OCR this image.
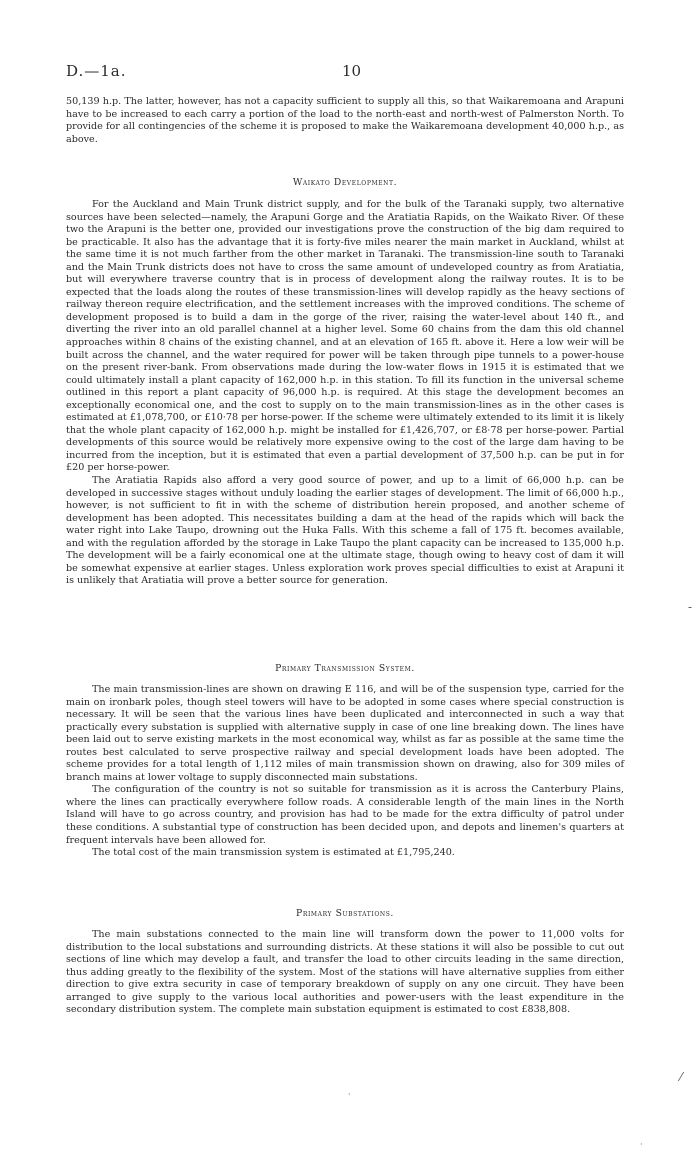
D.—1a.	10

50,139 h.p. The latter, however, has not a capacity sufficient to supply all this, so that Waikaremoana and Arapuni have to be increased to each carry a portion of the load to the north-east and north-west of Palmerston North. To provide for all contingencies of the scheme it is proposed to make the Waikaremoana development 40,000 h.p., as above.

Waikato Development.

For the Auckland and Main Trunk district supply, and for the bulk of the Taranaki supply, two alternative sources have been selected—namely, the Arapuni Gorge and the Aratiatia Rapids, on the Waikato River. Of these two the Arapuni is the better one, provided our investigations prove the construction of the big dam required to be practicable. It also has the advantage that it is forty-five miles nearer the main market in Auckland, whilst at the same time it is not much farther from the other market in Taranaki. The transmission-line south to Taranaki and the Main Trunk districts does not have to cross the same amount of undeveloped country as from Aratiatia, but will everywhere traverse country that is in process of development along the railway routes. It is to be expected that the loads along the routes of these transmission-lines will develop rapidly as the heavy sections of railway thereon require electrification, and the settlement increases with the improved conditions. The scheme of development proposed is to build a dam in the gorge of the river, raising the water-level about 140 ft., and diverting the river into an old parallel channel at a higher level. Some 60 chains from the dam this old channel approaches within 8 chains of the existing channel, and at an elevation of 165 ft. above it. Here a low weir will be built across the channel, and the water required for power will be taken through pipe tunnels to a power-house on the present river-bank. From observations made during the low-water flows in 1915 it is estimated that we could ultimately install a plant capacity of 162,000 h.p. in this station. To fill its function in the universal scheme outlined in this report a plant capacity of 96,000 h.p. is required. At this stage the development becomes an exceptionally economical one, and the cost to supply on to the main transmission-lines as in the other cases is estimated at £1,078,700, or £10·78 per horse-power. If the scheme were ultimately extended to its limit it is likely that the whole plant capacity of 162,000 h.p. might be installed for £1,426,707, or £8·78 per horse-power. Partial developments of this source would be relatively more expensive owing to the cost of the large dam having to be incurred from the inception, but it is estimated that even a partial development of 37,500 h.p. can be put in for £20 per horse-power.

The Aratiatia Rapids also afford a very good source of power, and up to a limit of 66,000 h.p. can be developed in successive stages without unduly loading the earlier stages of development. The limit of 66,000 h.p., however, is not sufficient to fit in with the scheme of distribution herein proposed, and another scheme of development has been adopted. This necessitates building a dam at the head of the rapids which will back the water right into Lake Taupo, drowning out the Huka Falls. With this scheme a fall of 175 ft. becomes available, and with the regulation afforded by the storage in Lake Taupo the plant capacity can be increased to 135,000 h.p. The development will be a fairly economical one at the ultimate stage, though owing to heavy cost of dam it will be somewhat expensive at earlier stages. Unless exploration work proves special difficulties to exist at Arapuni it is unlikely that Aratiatia will prove a better source for generation.

Primary Transmission System.

The main transmission-lines are shown on drawing E 116, and will be of the suspension type, carried for the main on ironbark poles, though steel towers will have to be adopted in some cases where special construction is necessary. It will be seen that the various lines have been duplicated and interconnected in such a way that practically every substation is supplied with alternative supply in case of one line breaking down. The lines have been laid out to serve existing markets in the most economical way, whilst as far as possible at the same time the routes best calculated to serve prospective railway and special development loads have been adopted. The scheme provides for a total length of 1,112 miles of main transmission shown on drawing, also for 309 miles of branch mains at lower voltage to supply disconnected main substations.

The configuration of the country is not so suitable for transmission as it is across the Canterbury Plains, where the lines can practically everywhere follow roads. A considerable length of the main lines in the North Island will have to go across country, and provision has had to be made for the extra difficulty of patrol under these conditions. A substantial type of construction has been decided upon, and depots and linemen's quarters at frequent intervals have been allowed for.

The total cost of the main transmission system is estimated at £1,795,240.

Primary Substations.

The main substations connected to the main line will transform down the power to 11,000 volts for distribution to the local substations and surrounding districts. At these stations it will also be possible to cut out sections of line which may develop a fault, and transfer the load to other circuits leading in the same direction, thus adding greatly to the flexibility of the system. Most of the stations will have alternative supplies from either direction to give extra security in case of temporary breakdown of supply on any one circuit. They have been arranged to give supply to the various local authorities and power-users with the least expenditure in the secondary distribution system. The complete main substation equipment is estimated to cost £838,808.

‐
⁄
·
·
